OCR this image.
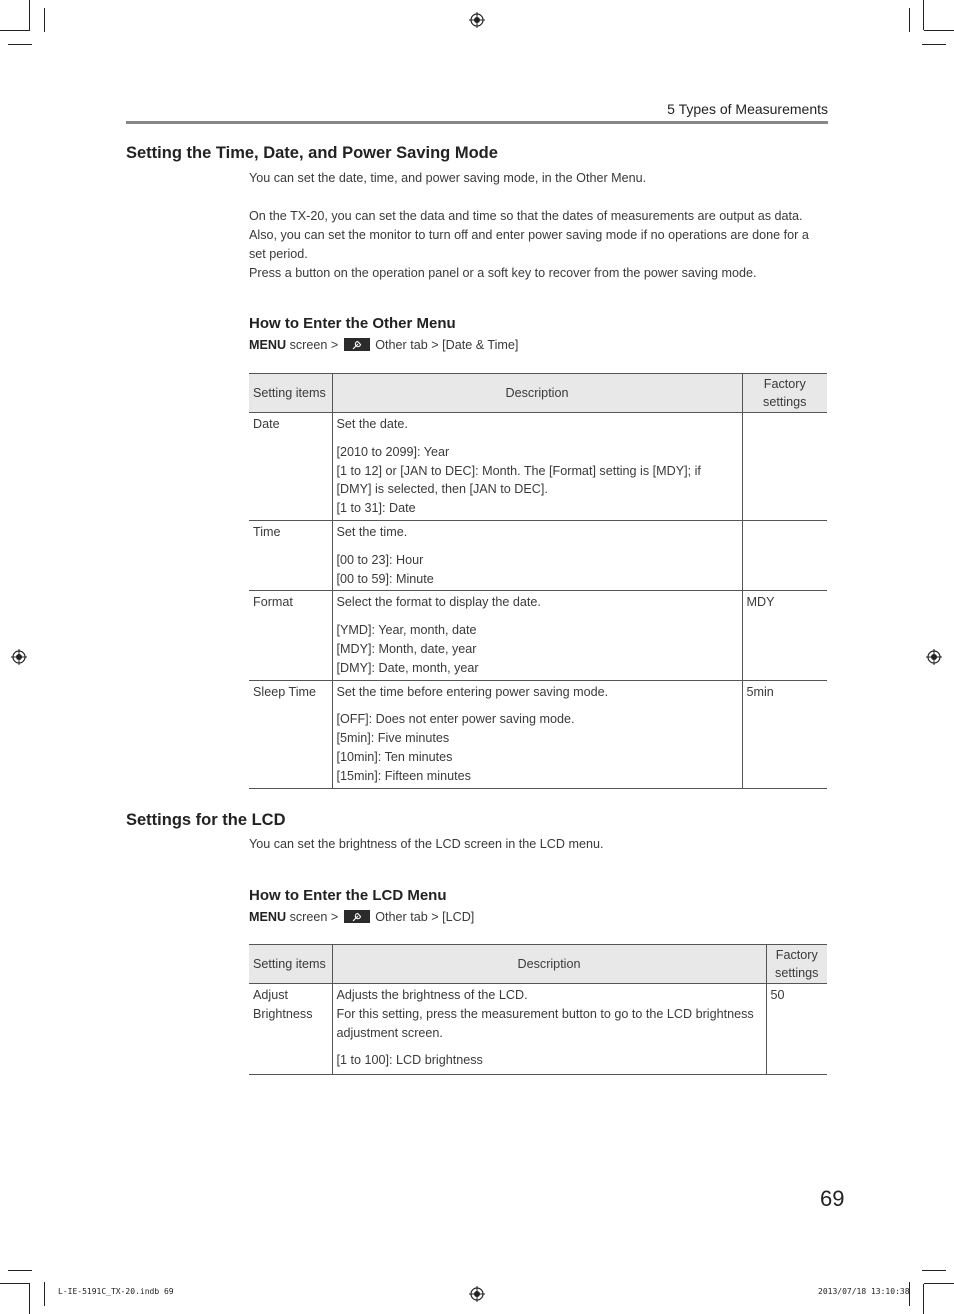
5 Types of Measurements
Setting the Time, Date, and Power Saving Mode

You can set the date, time, and power saving mode, in the Other Menu.

On the TX-20, you can set the data and time so that the dates of measurements are output as data.

Also, you can set the monitor to turn off and enter power saving mode if no operations are done for a set period.

Press a button on the operation panel or a soft key to recover from the power saving mode.

How to Enter the Other Menu
MENU screen >
Other tab > [Date & Time]
Setting items	Description	Factory settings
Date	Set the date.

[2010 to 2099]: Year

[1 to 12] or [JAN to DEC]: Month. The [Format] setting is [MDY]; if [DMY] is selected, then [JAN to DEC].

[1 to 31]: Date	

Time	Set the time.

[00 to 23]: Hour

[00 to 59]: Minute	

Format	Select the format to display the date.

[YMD]: Year, month, date

[MDY]: Month, date, year

[DMY]: Date, month, year	MDY
Sleep Time	Set the time before entering power saving mode.

[OFF]: Does not enter power saving mode.

[5min]: Five minutes

[10min]: Ten minutes

[15min]: Fifteen minutes	5min
Settings for the LCD

You can set the brightness of the LCD screen in the LCD menu.

How to Enter the LCD Menu
MENU screen >
Other tab > [LCD]
Setting items	Description	Factory settings
Adjust Brightness	Adjusts the brightness of the LCD.
For this setting, press the measurement button to go to the LCD brightness adjustment screen.

[1 to 100]: LCD brightness	50
69
L-IE-5191C_TX-20.indb 69	2013/07/18 13:10:38
